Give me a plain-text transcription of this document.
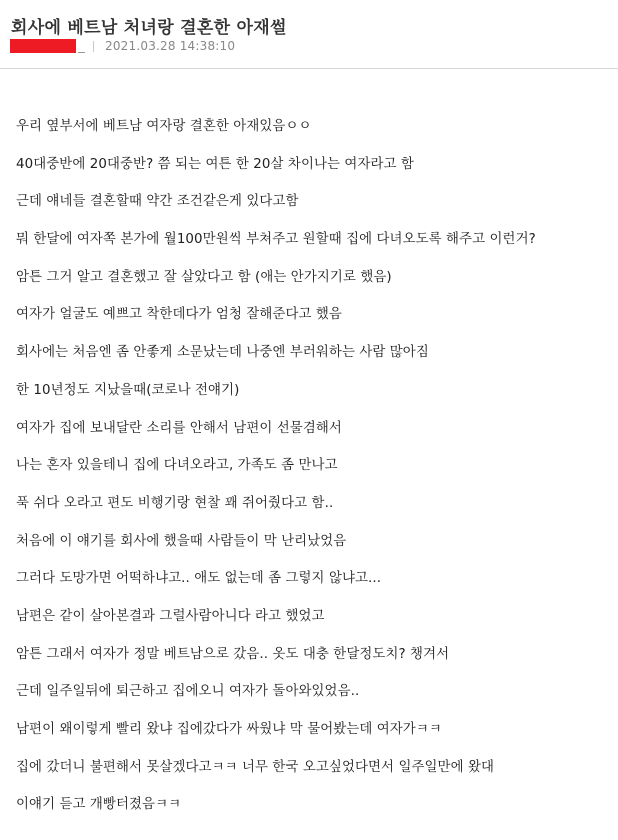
회사에 베트남 처녀랑 결혼한 아재썰
2021.03.28 14:38:10
우리 옆부서에 베트남 여자랑 결혼한 아재있음ㅇㅇ
40대중반에 20대중반? 쯤 되는 여튼 한 20살 차이나는 여자라고 함
근데 얘네들 결혼할때 약간 조건같은게 있다고함
뭐 한달에 여자쪽 본가에 월100만원씩 부쳐주고 원할때 집에 다녀오도록 해주고 이런거?
암튼 그거 알고 결혼했고 잘 살았다고 함 (애는 안가지기로 했음)
여자가 얼굴도 예쁘고 착한데다가 엄청 잘해준다고 했음
회사에는 처음엔 좀 안좋게 소문났는데 나중엔 부러워하는 사람 많아짐
한 10년정도 지났을때(코로나 전얘기)
여자가 집에 보내달란 소리를 안해서 남편이 선물겸해서
나는 혼자 있을테니 집에 다녀오라고, 가족도 좀 만나고
푹 쉬다 오라고 편도 비행기랑 현찰 꽤 쥐어줬다고 함..
처음에 이 얘기를 회사에 했을때 사람들이 막 난리났었음
그러다 도망가면 어떡하냐고.. 애도 없는데 좀 그렇지 않냐고...
남편은 같이 살아본결과 그럴사람아니다 라고 했었고
암튼 그래서 여자가 정말 베트남으로 갔음.. 옷도 대충 한달정도치? 챙겨서
근데 일주일뒤에 퇴근하고 집에오니 여자가 돌아와있었음..
남편이 왜이렇게 빨리 왔냐 집에갔다가 싸웠냐 막 물어봤는데 여자가ㅋㅋ
집에 갔더니 불편해서 못살겠다고ㅋㅋ 너무 한국 오고싶었다면서 일주일만에 왔대
이얘기 듣고 개빵터졌음ㅋㅋ
